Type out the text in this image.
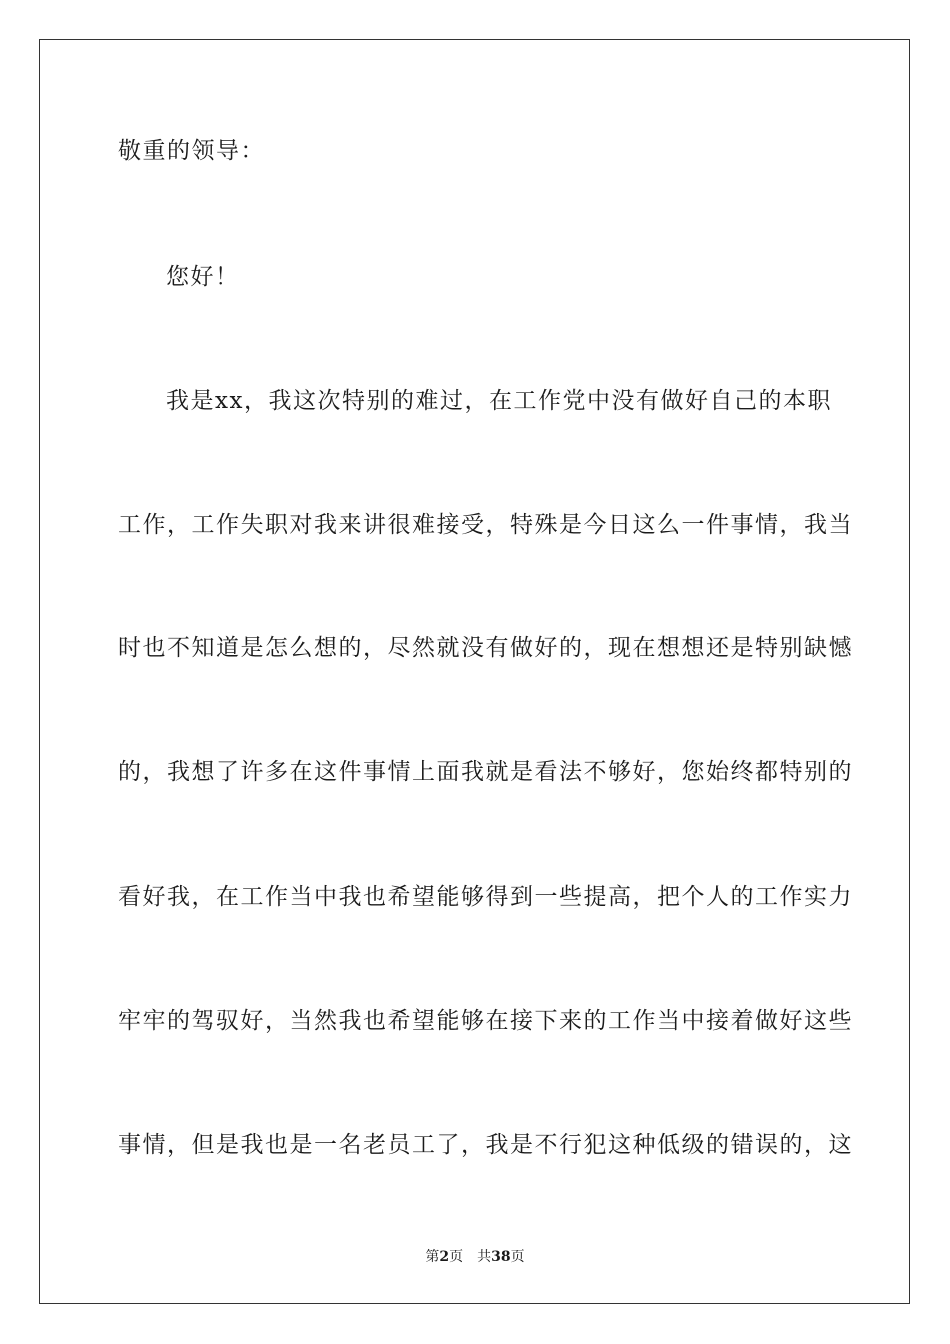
敬重的领导：
您好！
我是xx，我这次特别的难过，在工作党中没有做好自己的本职
工作，工作失职对我来讲很难接受，特殊是今日这么一件事情，我当
时也不知道是怎么想的，尽然就没有做好的，现在想想还是特别缺憾
的，我想了许多在这件事情上面我就是看法不够好，您始终都特别的
看好我，在工作当中我也希望能够得到一些提高，把个人的工作实力
牢牢的驾驭好，当然我也希望能够在接下来的工作当中接着做好这些
事情，但是我也是一名老员工了，我是不行犯这种低级的错误的，这
第2页 共38页
